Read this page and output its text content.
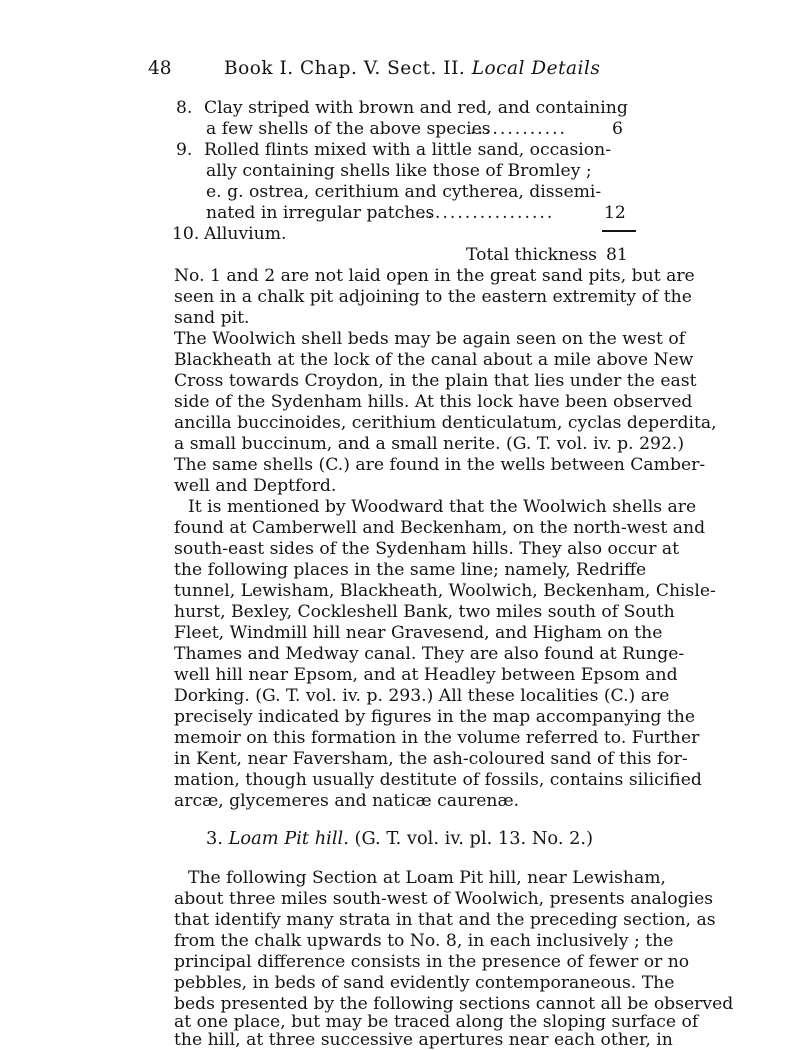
48	Book I. Chap. V. Sect. II. Local Details
8. Clay striped with brown and red, and containing
a few shells of the above species
.............	6
9. Rolled flints mixed with a little sand, occasion-
ally containing shells like those of Bromley ;
e. g. ostrea, cerithium and cytherea, dissemi-
nated in irregular patches
..................	12
10. Alluvium.
Total thickness 81
No. 1 and 2 are not laid open in the great sand pits, but are
seen in a chalk pit adjoining to the eastern extremity of the
sand pit.
The Woolwich shell beds may be again seen on the west of
Blackheath at the lock of the canal about a mile above New
Cross towards Croydon, in the plain that lies under the east
side of the Sydenham hills. At this lock have been observed
ancilla buccinoides, cerithium denticulatum, cyclas deperdita,
a small buccinum, and a small nerite. (G. T. vol. iv. p. 292.)
The same shells (C.) are found in the wells between Camber-
well and Deptford.
It is mentioned by Woodward that the Woolwich shells are
found at Camberwell and Beckenham, on the north-west and
south-east sides of the Sydenham hills. They also occur at
the following places in the same line; namely, Redriffe
tunnel, Lewisham, Blackheath, Woolwich, Beckenham, Chisle-
hurst, Bexley, Cockleshell Bank, two miles south of South
Fleet, Windmill hill near Gravesend, and Higham on the
Thames and Medway canal. They are also found at Runge-
well hill near Epsom, and at Headley between Epsom and
Dorking. (G. T. vol. iv. p. 293.) All these localities (C.) are
precisely indicated by figures in the map accompanying the
memoir on this formation in the volume referred to. Further
in Kent, near Faversham, the ash-coloured sand of this for-
mation, though usually destitute of fossils, contains silicified
arcæ, glycemeres and naticæ caurenæ.
3. Loam Pit hill. (G. T. vol. iv. pl. 13. No. 2.)
The following Section at Loam Pit hill, near Lewisham,
about three miles south-west of Woolwich, presents analogies
that identify many strata in that and the preceding section, as
from the chalk upwards to No. 8, in each inclusively ; the
principal difference consists in the presence of fewer or no
pebbles, in beds of sand evidently contemporaneous. The
beds presented by the following sections cannot all be observed
at one place, but may be traced along the sloping surface of
the hill, at three successive apertures near each other, in
